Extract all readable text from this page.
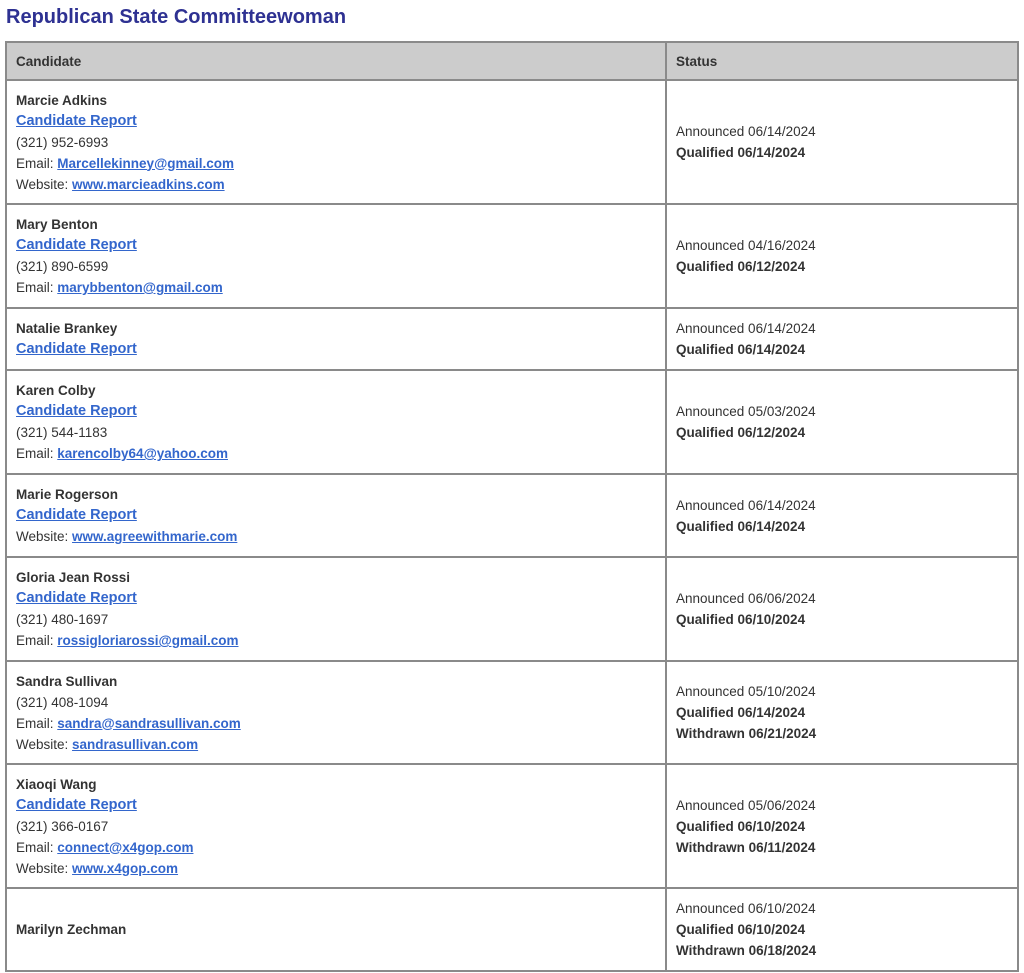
Republican State Committeewoman
Candidate	Status

Marcie Adkins
Candidate Report
(321) 952-6993
Email: Marcellekinney@gmail.com
Website: www.marcieadkins.com	Announced 06/14/2024
Qualified 06/14/2024

Mary Benton
Candidate Report
(321) 890-6599
Email: marybbenton@gmail.com	Announced 04/16/2024
Qualified 06/12/2024

Natalie Brankey
Candidate Report	Announced 06/14/2024
Qualified 06/14/2024

Karen Colby
Candidate Report
(321) 544-1183
Email: karencolby64@yahoo.com	Announced 05/03/2024
Qualified 06/12/2024

Marie Rogerson
Candidate Report
Website: www.agreewithmarie.com	Announced 06/14/2024
Qualified 06/14/2024

Gloria Jean Rossi
Candidate Report
(321) 480-1697
Email: rossigloriarossi@gmail.com	Announced 06/06/2024
Qualified 06/10/2024

Sandra Sullivan
(321) 408-1094
Email: sandra@sandrasullivan.com
Website: sandrasullivan.com	Announced 05/10/2024
Qualified 06/14/2024
Withdrawn 06/21/2024

Xiaoqi Wang
Candidate Report
(321) 366-0167
Email: connect@x4gop.com
Website: www.x4gop.com	Announced 05/06/2024
Qualified 06/10/2024
Withdrawn 06/11/2024

Marilyn Zechman	Announced 06/10/2024
Qualified 06/10/2024
Withdrawn 06/18/2024
